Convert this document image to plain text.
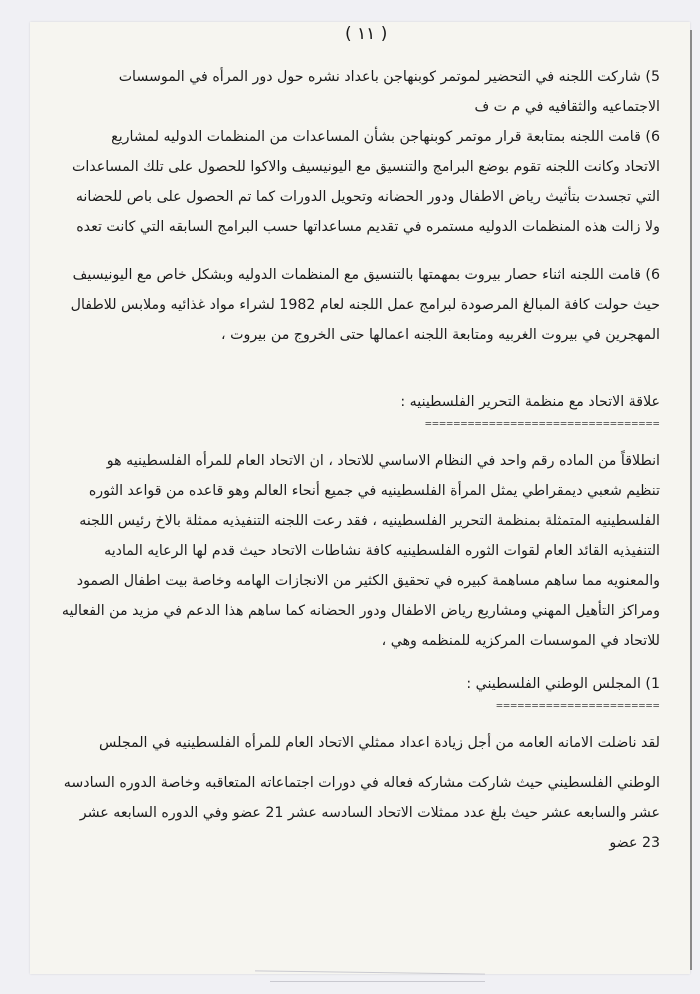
( ١١ )
5) شاركت اللجنه في التحضير لموتمر كوبنهاجن باعداد نشره حول دور المرأه في الموسسات
الاجتماعيه والثقافيه في م ت ف
6) قامت اللجنه بمتابعة قرار موتمر كوبنهاجن بشأن المساعدات من المنظمات الدوليه لمشاريع
الاتحاد وكانت اللجنه تقوم بوضع البرامج والتنسيق مع اليونيسيف والاكوا للحصول على تلك المساعدات
التي تجسدت بتأثيث رياض الاطفال ودور الحضانه وتحويل الدورات كما تم الحصول على باص للحضانه
ولا زالت هذه المنظمات الدوليه مستمره في تقديم مساعداتها حسب البرامج السابقه التي كانت تعده
6) قامت اللجنه اثناء حصار بيروت بمهمتها بالتنسيق مع المنظمات الدوليه وبشكل خاص مع اليونيسيف
حيث حولت كافة المبالغ المرصودة لبرامج عمل اللجنه لعام 1982 لشراء مواد غذائيه وملابس للاطفال
المهجرين في بيروت الغربيه ومتابعة اللجنه اعمالها حتى الخروج من بيروت ،
علاقة الاتحاد مع منظمة التحرير الفلسطينيه :
=================================
انطلاقاً من الماده رقم واحد في النظام الاساسي للاتحاد ، ان الاتحاد العام للمرأه الفلسطينيه هو
تنظيم شعبي ديمقراطي يمثل المرأة الفلسطينيه في جميع أنحاء العالم وهو قاعده من قواعد الثوره
الفلسطينيه المتمثلة بمنظمة التحرير الفلسطينيه ، فقد رعت اللجنه التنفيذيه ممثلة بالاخ رئيس اللجنه
التنفيذيه القائد العام لقوات الثوره الفلسطينيه كافة نشاطات الاتحاد حيث قدم لها الرعايه الماديه
والمعنويه مما ساهم مساهمة كبيره في تحقيق الكثير من الانجازات الهامه وخاصة بيت اطفال الصمود
ومراكز التأهيل المهني ومشاريع رياض الاطفال ودور الحضانه كما ساهم هذا الدعم في مزيد من الفعاليه
للاتحاد في الموسسات المركزيه للمنظمه وهي ،
1) المجلس الوطني الفلسطيني :
=======================
لقد ناضلت الامانه العامه من أجل زيادة اعداد ممثلي الاتحاد العام للمرأه الفلسطينيه في المجلس
الوطني الفلسطيني حيث شاركت مشاركه فعاله في دورات اجتماعاته المتعاقبه وخاصة الدوره السادسه
عشر والسابعه عشر حيث بلغ عدد ممثلات الاتحاد السادسه عشر 21 عضو وفي الدوره السابعه عشر
23 عضو
